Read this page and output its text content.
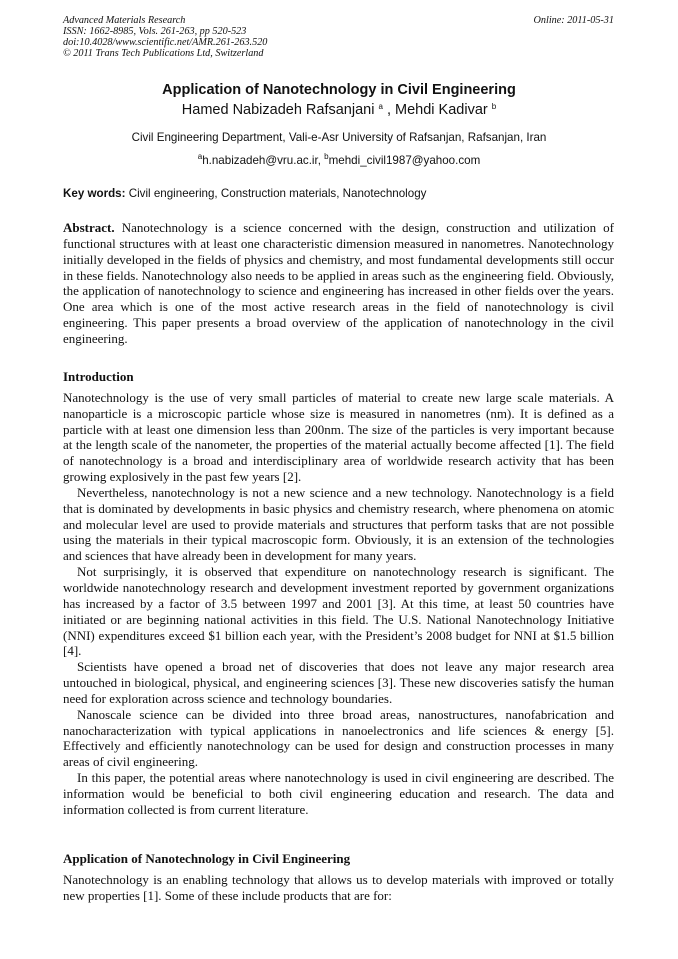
Advanced Materials Research
ISSN: 1662-8985, Vols. 261-263, pp 520-523
doi:10.4028/www.scientific.net/AMR.261-263.520
© 2011 Trans Tech Publications Ltd, Switzerland
Online: 2011-05-31
Application of Nanotechnology in Civil Engineering
Hamed Nabizadeh Rafsanjani $^a$ , Mehdi Kadivar $^b$
Civil Engineering Department, Vali-e-Asr University of Rafsanjan, Rafsanjan, Iran
$^a$h.nabizadeh@vru.ac.ir, $^b$mehdi_civil1987@yahoo.com
Key words: Civil engineering, Construction materials, Nanotechnology

Abstract. Nanotechnology is a science concerned with the design, construction and utilization of functional structures with at least one characteristic dimension measured in nanometres. Nanotechnology initially developed in the fields of physics and chemistry, and most fundamental developments still occur in these fields. Nanotechnology also needs to be applied in areas such as the engineering field. Obviously, the application of nanotechnology to science and engineering has increased in other fields over the years. One area which is one of the most active research areas in the field of nanotechnology is civil engineering. This paper presents a broad overview of the application of nanotechnology in the civil engineering.

Introduction

Nanotechnology is the use of very small particles of material to create new large scale materials. A nanoparticle is a microscopic particle whose size is measured in nanometres (nm). It is defined as a particle with at least one dimension less than 200nm. The size of the particles is very important because at the length scale of the nanometer, the properties of the material actually become affected [1]. The field of nanotechnology is a broad and interdisciplinary area of worldwide research activity that has been growing explosively in the past few years [2].

Nevertheless, nanotechnology is not a new science and a new technology. Nanotechnology is a field that is dominated by developments in basic physics and chemistry research, where phenomena on atomic and molecular level are used to provide materials and structures that perform tasks that are not possible using the materials in their typical macroscopic form. Obviously, it is an extension of the technologies and sciences that have already been in development for many years.

Not surprisingly, it is observed that expenditure on nanotechnology research is significant. The worldwide nanotechnology research and development investment reported by government organizations has increased by a factor of 3.5 between 1997 and 2001 [3]. At this time, at least 50 countries have initiated or are beginning national activities in this field. The U.S. National Nanotechnology Initiative (NNI) expenditures exceed $1 billion each year, with the President’s 2008 budget for NNI at $1.5 billion [4].

Scientists have opened a broad net of discoveries that does not leave any major research area untouched in biological, physical, and engineering sciences [3]. These new discoveries satisfy the human need for exploration across science and technology boundaries.

Nanoscale science can be divided into three broad areas, nanostructures, nanofabrication and nanocharacterization with typical applications in nanoelectronics and life sciences & energy [5]. Effectively and efficiently nanotechnology can be used for design and construction processes in many areas of civil engineering.

In this paper, the potential areas where nanotechnology is used in civil engineering are described. The information would be beneficial to both civil engineering education and research. The data and information collected is from current literature.

Application of Nanotechnology in Civil Engineering

Nanotechnology is an enabling technology that allows us to develop materials with improved or totally new properties [1]. Some of these include products that are for:
